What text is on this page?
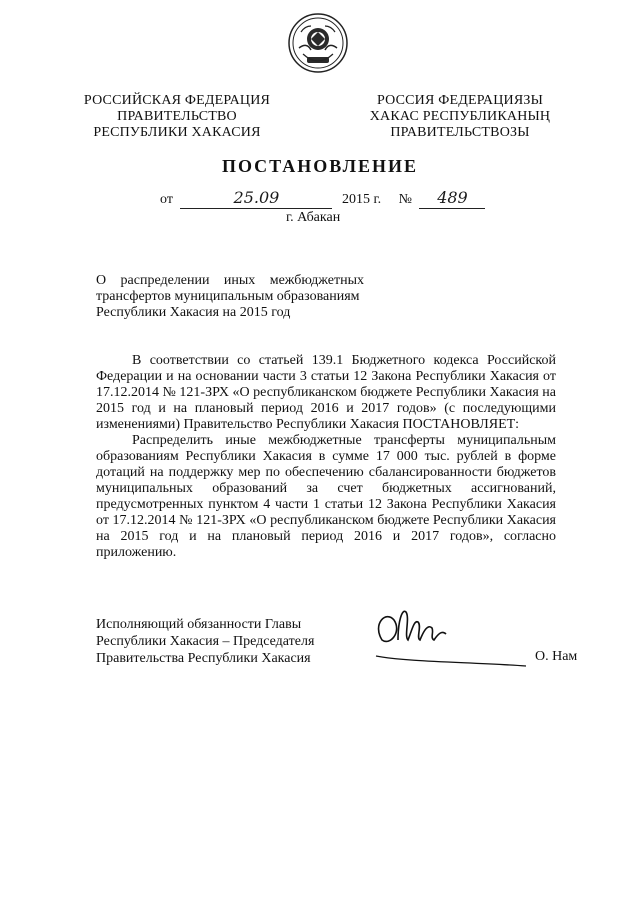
РОССИЙСКАЯ ФЕДЕРАЦИЯ
ПРАВИТЕЛЬСТВО
РЕСПУБЛИКИ ХАКАСИЯ
РОССИЯ ФЕДЕРАЦИЯЗЫ
ХАКАС РЕСПУБЛИКАНЫҢ
ПРАВИТЕЛЬСТВОЗЫ
ПОСТАНОВЛЕНИЕ
от	25.09	2015 г. №	489
г. Абакан
О распределении иных межбюджетных
трансфертов муниципальным образованиям
Республики Хакасия на 2015 год

В соответствии со статьей 139.1 Бюджетного кодекса Российской Федерации и на основании части 3 статьи 12 Закона Республики Хакасия от 17.12.2014 № 121-ЗРХ «О республиканском бюджете Республики Хакасия на 2015 год и на плановый период 2016 и 2017 годов» (с последующими изменениями) Правительство Республики Хакасия ПОСТАНОВЛЯЕТ:

Распределить иные межбюджетные трансферты муниципальным образованиям Республики Хакасия в сумме 17 000 тыс. рублей в форме дотаций на поддержку мер по обеспечению сбалансированности бюджетов муниципальных образований за счет бюджетных ассигнований, предусмотренных пунктом 4 части 1 статьи 12 Закона Республики Хакасия от 17.12.2014 № 121-ЗРХ «О республиканском бюджете Республики Хакасия на 2015 год и на плановый период 2016 и 2017 годов», согласно приложению.

Исполняющий обязанности Главы
Республики Хакасия – Председателя
Правительства Республики Хакасия	О. Нам
